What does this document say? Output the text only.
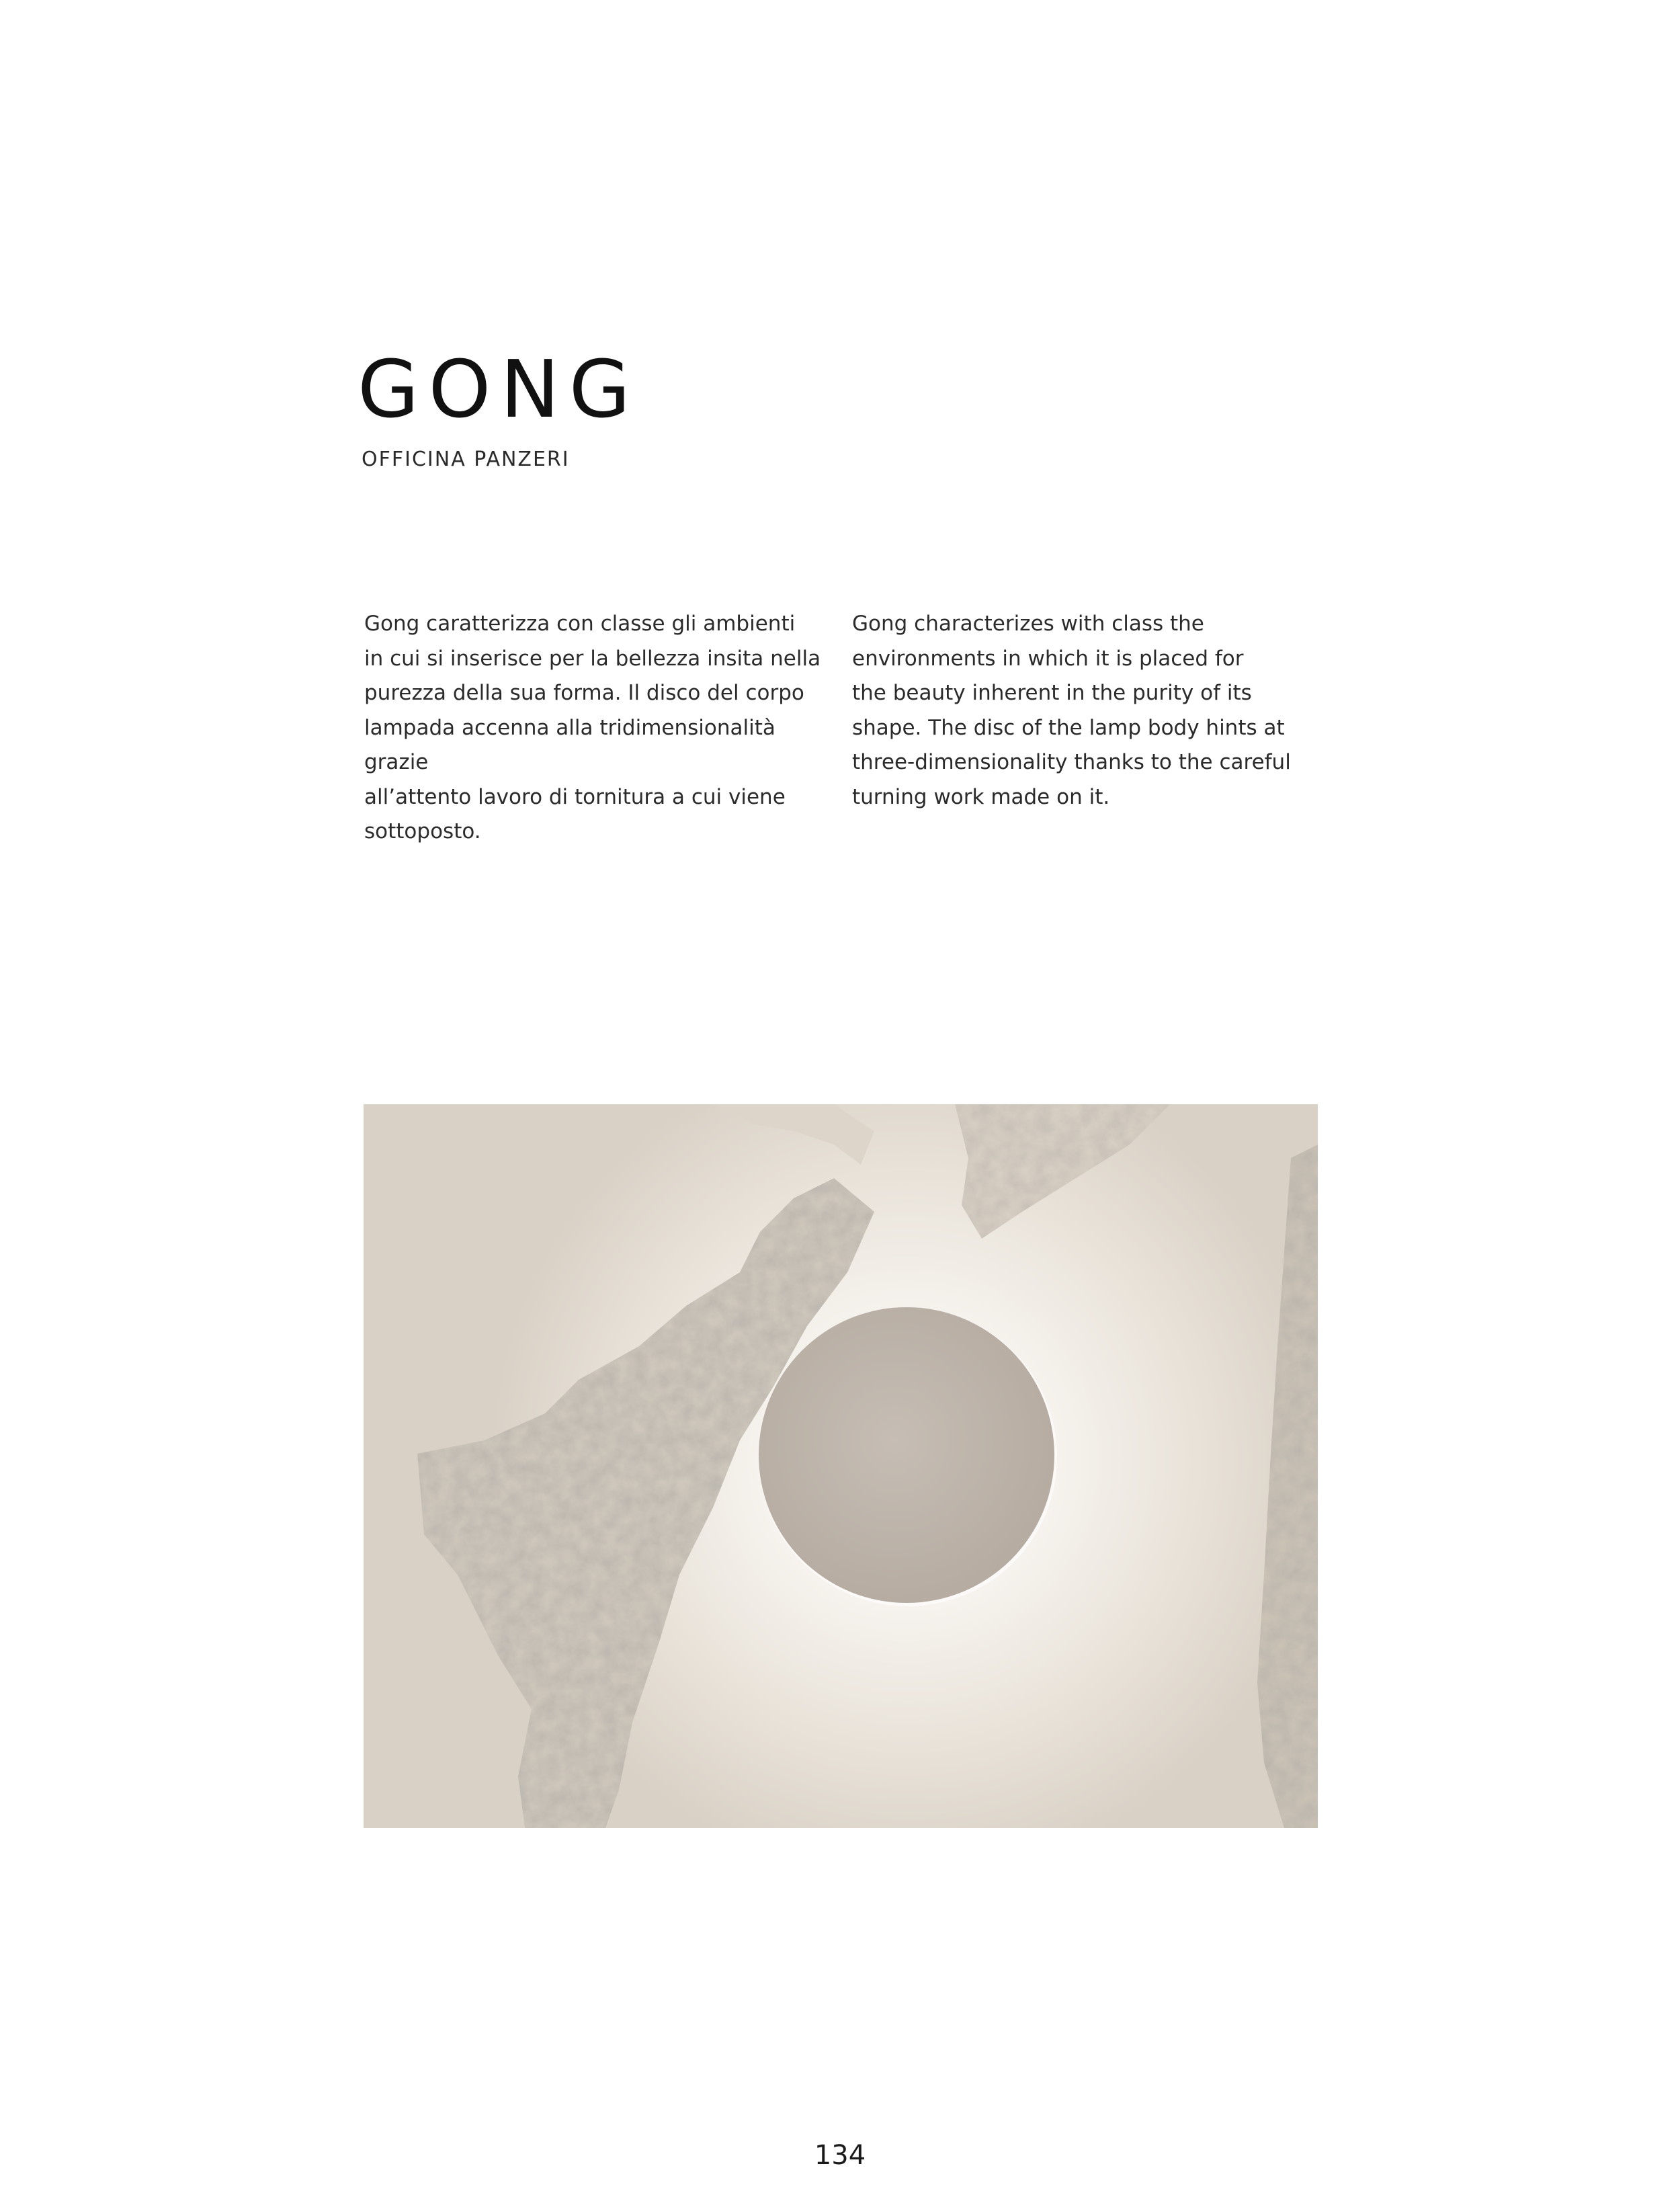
GONG

OFFICINA PANZERI

Gong caratterizza con classe gli ambienti
in cui si inserisce per la bellezza insita nella
purezza della sua forma. Il disco del corpo
lampada accenna alla tridimensionalità grazie
all’attento lavoro di tornitura a cui viene
sottoposto.

Gong characterizes with class the
environments in which it is placed for
the beauty inherent in the purity of its
shape. The disc of the lamp body hints at
three-dimensionality thanks to the careful
turning work made on it.

134
